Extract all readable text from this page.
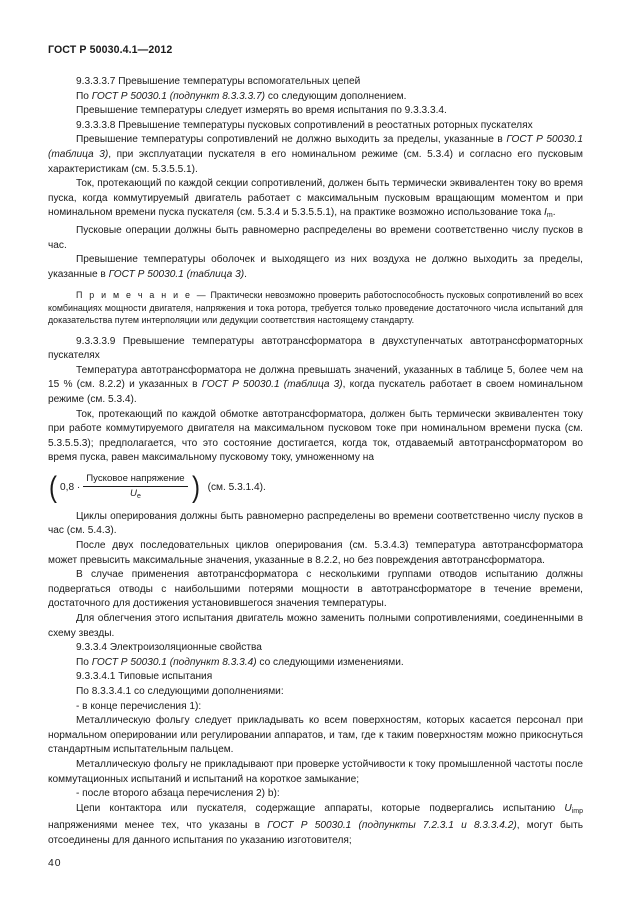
ГОСТ Р 50030.4.1—2012

9.3.3.3.7 Превышение температуры вспомогательных цепей

По ГОСТ Р 50030.1 (подпункт 8.3.3.3.7) со следующим дополнением.

Превышение температуры следует измерять во время испытания по 9.3.3.3.4.

9.3.3.3.8 Превышение температуры пусковых сопротивлений в реостатных роторных пускателях

Превышение температуры сопротивлений не должно выходить за пределы, указанные в ГОСТ Р 50030.1 (таблица 3), при эксплуатации пускателя в его номинальном режиме (см. 5.3.4) и согласно его пусковым характеристикам (см. 5.3.5.5.1).

Ток, протекающий по каждой секции сопротивлений, должен быть термически эквивалентен току во время пуска, когда коммутируемый двигатель работает с максимальным пусковым вращающим моментом и при номинальном времени пуска пускателя (см. 5.3.4 и 5.3.5.5.1), на практике возможно использование тока $I_m$.

Пусковые операции должны быть равномерно распределены во времени соответственно числу пусков в час.

Превышение температуры оболочек и выходящего из них воздуха не должно выходить за пределы, указанные в ГОСТ Р 50030.1 (таблица 3).

П р и м е ч а н и е — Практически невозможно проверить работоспособность пусковых сопротивлений во всех комбинациях мощности двигателя, напряжения и тока ротора, требуется только проведение достаточного числа испытаний для доказательства путем интерполяции или дедукции соответствия настоящему стандарту.

9.3.3.3.9 Превышение температуры автотрансформатора в двухступенчатых автотрансформаторных пускателях

Температура автотрансформатора не должна превышать значений, указанных в таблице 5, более чем на 15 % (см. 8.2.2) и указанных в ГОСТ Р 50030.1 (таблица 3), когда пускатель работает в своем номинальном режиме (см. 5.3.4).

Ток, протекающий по каждой обмотке автотрансформатора, должен быть термически эквивалентен току при работе коммутируемого двигателя на максимальном пусковом токе при номинальном времени пуска (см. 5.3.5.5.3); предполагается, что это состояние достигается, когда ток, отдаваемый автотрансформатором во время пуска, равен максимальному пусковому току, умноженному на

( $0,8 \cdot \frac{\text{Пусковое напряжение}}{U_e}$ ) (см. 5.3.1.4).

Циклы оперирования должны быть равномерно распределены во времени соответственно числу пусков в час (см. 5.4.3).

После двух последовательных циклов оперирования (см. 5.3.4.3) температура автотрансформатора может превысить максимальные значения, указанные в 8.2.2, но без повреждения автотрансформатора.

В случае применения автотрансформатора с несколькими группами отводов испытанию должны подвергаться отводы с наибольшими потерями мощности в автотрансформаторе в течение времени, достаточного для достижения установившегося значения температуры.

Для облегчения этого испытания двигатель можно заменить полными сопротивлениями, соединенными в схему звезды.

9.3.3.4 Электроизоляционные свойства

По ГОСТ Р 50030.1 (подпункт 8.3.3.4) со следующими изменениями.

9.3.3.4.1 Типовые испытания

По 8.3.3.4.1 со следующими дополнениями:

- в конце перечисления 1):

Металлическую фольгу следует прикладывать ко всем поверхностям, которых касается персонал при нормальном оперировании или регулировании аппаратов, и там, где к таким поверхностям можно прикоснуться стандартным испытательным пальцем.

Металлическую фольгу не прикладывают при проверке устойчивости к току промышленной частоты после коммутационных испытаний и испытаний на короткое замыкание;

- после второго абзаца перечисления 2) b):

Цепи контактора или пускателя, содержащие аппараты, которые подвергались испытанию $U_{imp}$ напряжениями менее тех, что указаны в ГОСТ Р 50030.1 (подпункты 7.2.3.1 и 8.3.3.4.2), могут быть отсоединены для данного испытания по указанию изготовителя;

40
